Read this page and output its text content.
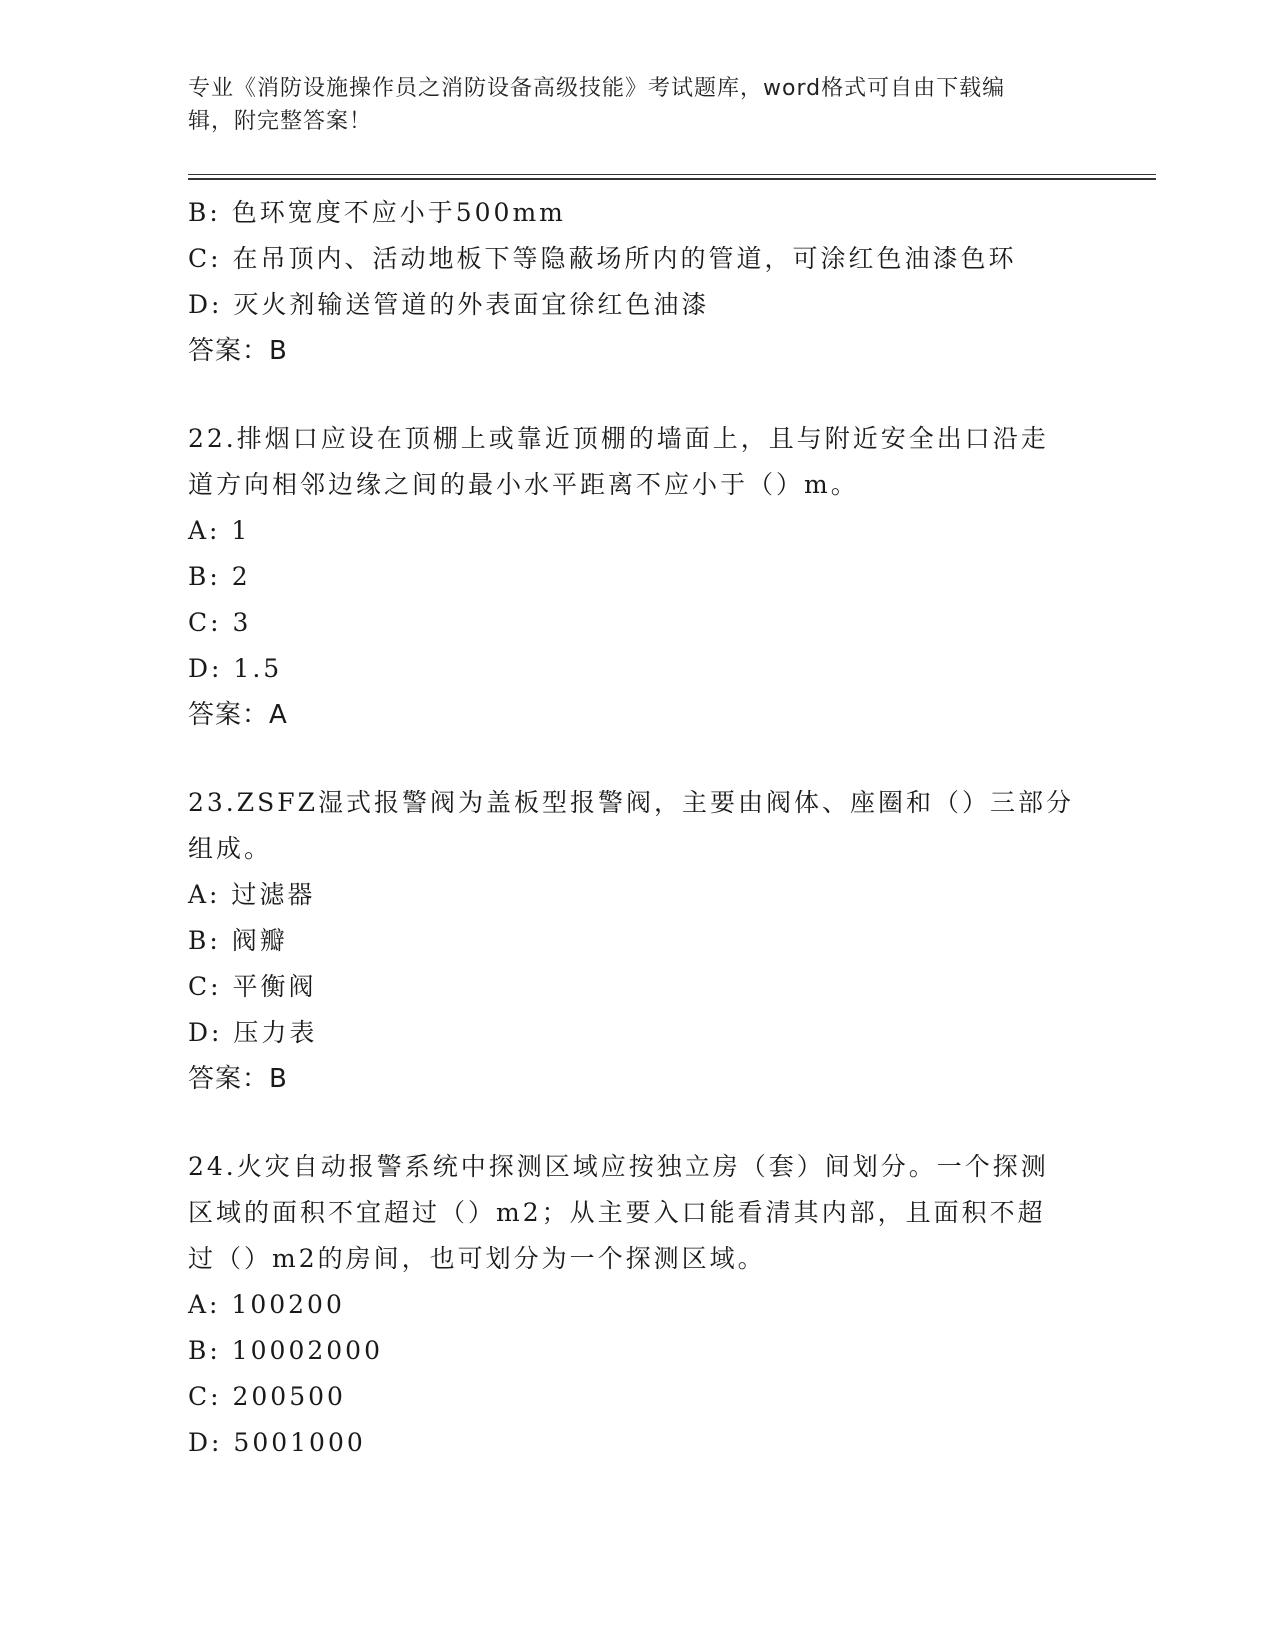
专业《消防设施操作员之消防设备高级技能》考试题库，word格式可自由下载编
辑，附完整答案！
B: 色环宽度不应小于500mm
C: 在吊顶内、活动地板下等隐蔽场所内的管道，可涂红色油漆色环
D: 灭火剂输送管道的外表面宜徐红色油漆
答案：B
22.排烟口应设在顶棚上或靠近顶棚的墙面上，且与附近安全出口沿走
道方向相邻边缘之间的最小水平距离不应小于（）m。
A: 1
B: 2
C: 3
D: 1.5
答案：A
23.ZSFZ湿式报警阀为盖板型报警阀，主要由阀体、座圈和（）三部分
组成。
A: 过滤器
B: 阀瓣
C: 平衡阀
D: 压力表
答案：B
24.火灾自动报警系统中探测区域应按独立房（套）间划分。一个探测
区域的面积不宜超过（）m2；从主要入口能看清其内部，且面积不超
过（）m2的房间，也可划分为一个探测区域。
A: 100200
B: 10002000
C: 200500
D: 5001000
